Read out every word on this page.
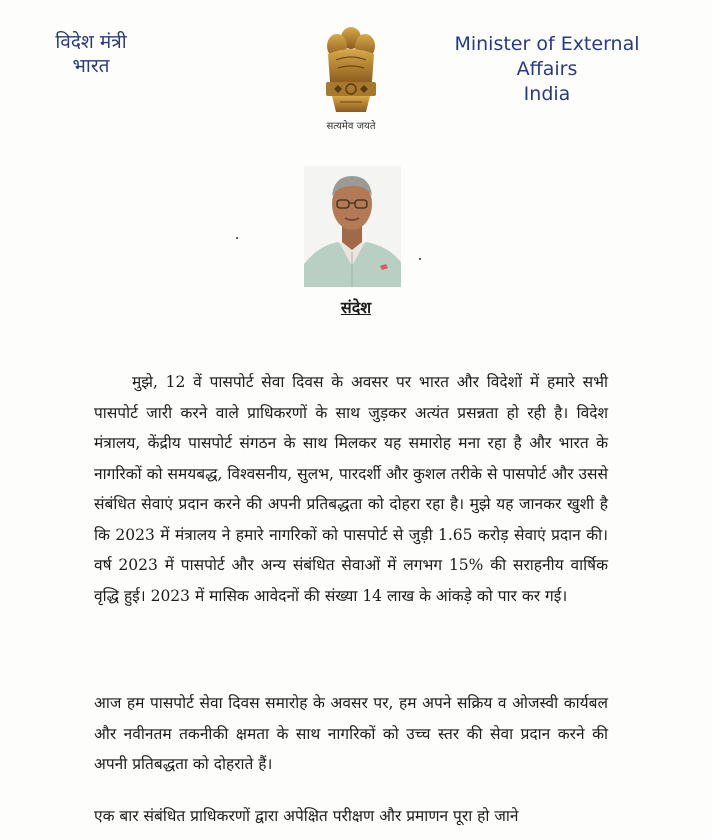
विदेश मंत्री
भारत
सत्यमेव जयते
Minister of External Affairs
India
संदेश
मुझे, 12 वें पासपोर्ट सेवा दिवस के अवसर पर भारत और विदेशों में हमारे सभी पासपोर्ट जारी करने वाले प्राधिकरणों के साथ जुड़कर अत्यंत प्रसन्नता हो रही है। विदेश मंत्रालय, केंद्रीय पासपोर्ट संगठन के साथ मिलकर यह समारोह मना रहा है और भारत के नागरिकों को समयबद्ध, विश्वसनीय, सुलभ, पारदर्शी और कुशल तरीके से पासपोर्ट और उससे संबंधित सेवाएं प्रदान करने की अपनी प्रतिबद्धता को दोहरा रहा है। मुझे यह जानकर खुशी है कि 2023 में मंत्रालय ने हमारे नागरिकों को पासपोर्ट से जुड़ी 1.65 करोड़ सेवाएं प्रदान की। वर्ष 2023 में पासपोर्ट और अन्य संबंधित सेवाओं में लगभग 15% की सराहनीय वार्षिक वृद्धि हुई। 2023 में मासिक आवेदनों की संख्या 14 लाख के आंकड़े को पार कर गई।
आज हम पासपोर्ट सेवा दिवस समारोह के अवसर पर, हम अपने सक्रिय व ओजस्वी कार्यबल और नवीनतम तकनीकी क्षमता के साथ नागरिकों को उच्च स्तर की सेवा प्रदान करने की अपनी प्रतिबद्धता को दोहराते हैं।
एक बार संबंधित प्राधिकरणों द्वारा अपेक्षित परीक्षण और प्रमाणन पूरा हो जाने
